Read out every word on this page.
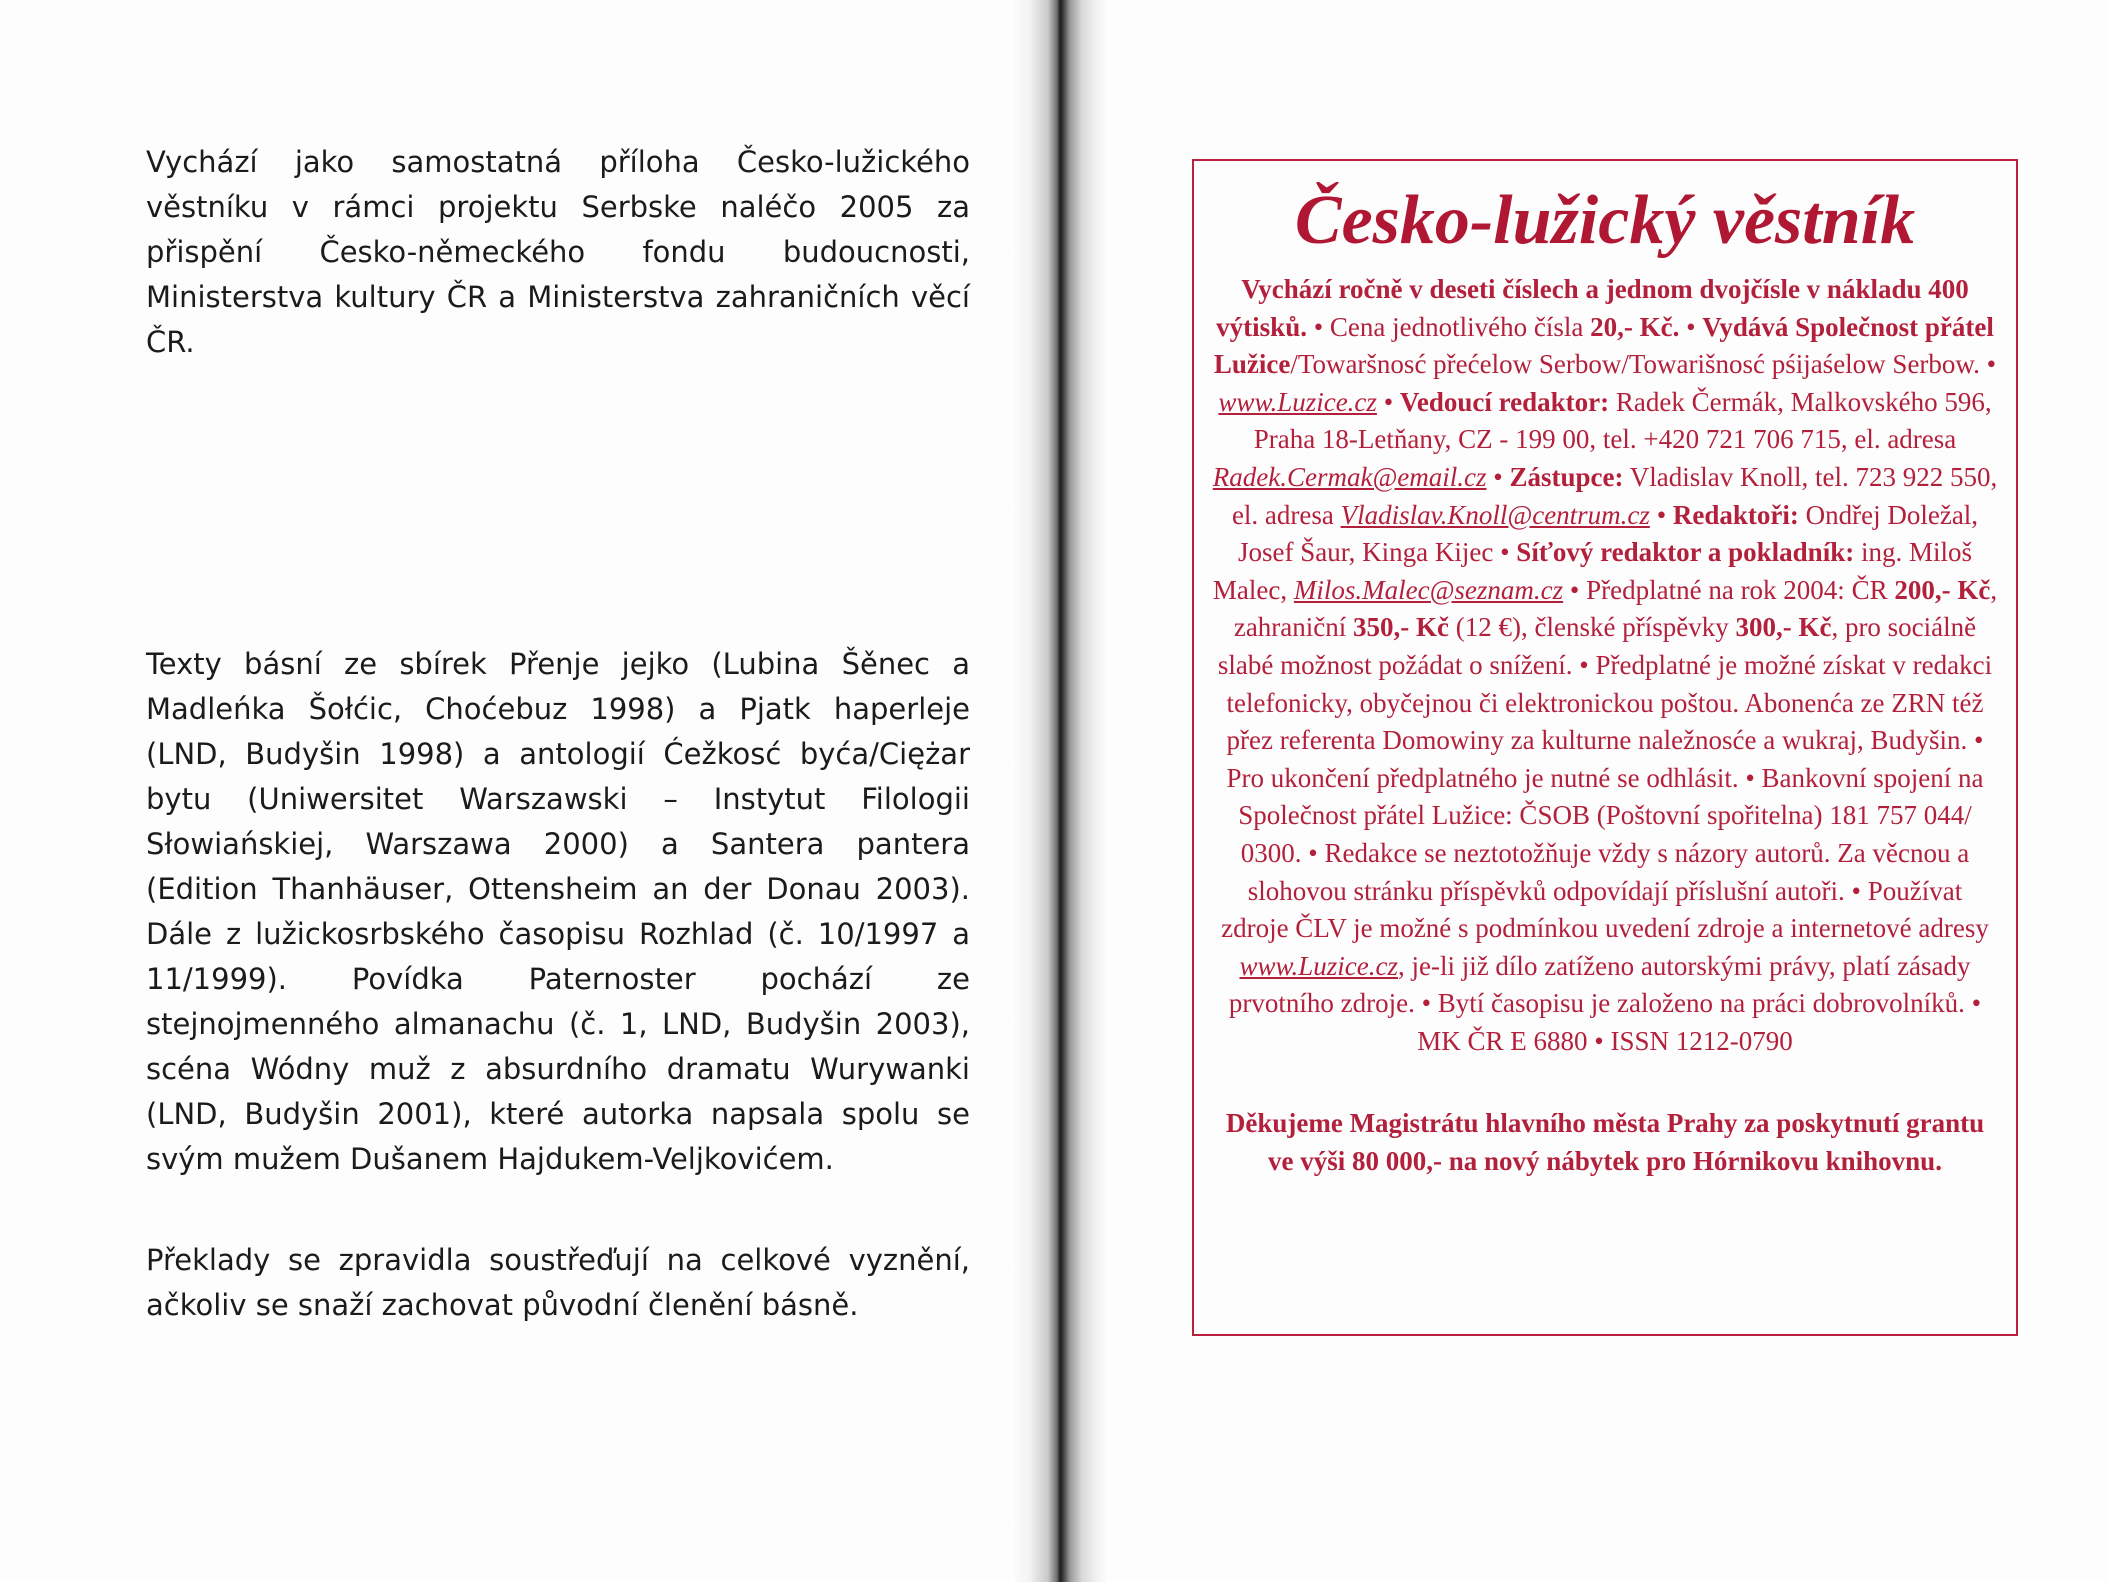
Vychází jako samostatná příloha Česko-lužického věstníku v rámci projektu Serbske naléčo 2005 za přispění Česko-německého fondu budoucnosti, Ministerstva kultury ČR a Ministerstva zahraničních věcí ČR.

Texty básní ze sbírek Přenje jejko (Lubina Šěnec a Madleńka Šołćic, Choćebuz 1998) a Pjatk haperleje (LND, Budyšin 1998) a antologií Ćežkosć byća/Ciężar bytu (Uniwersitet Warszawski – Instytut Filologii Słowiańskiej, Warszawa 2000) a Santera pantera (Edition Thanhäuser, Ottensheim an der Donau 2003). Dále z lužickosrbského časopisu Rozhlad (č. 10/1997 a 11/1999). Povídka Paternoster pochází ze stejnojmenného almanachu (č. 1, LND, Budyšin 2003), scéna Wódny muž z absurdního dramatu Wurywanki (LND, Budyšin 2001), které autorka napsala spolu se svým mužem Dušanem Hajdukem-Veljkovićem.

Překlady se zpravidla soustřeďují na celkové vyznění, ačkoliv se snaží zachovat původní členění básně.

Česko-lužický věstník
Vychází ročně v deseti číslech a jednom dvojčísle v nákladu 400 výtisků. • Cena jednotlivého čísla 20,- Kč. • Vydává Společnost přátel Lužice/Towaršnosć přećelow Serbow/Towarišnosć pśijaśelow Serbow. • www.Luzice.cz • Vedoucí redaktor: Radek Čermák, Malkovského 596, Praha 18-Letňany, CZ - 199 00, tel. +420 721 706 715, el. adresa Radek.Cermak@email.cz • Zástupce: Vladislav Knoll, tel. 723 922 550, el. adresa Vladislav.Knoll@centrum.cz • Redaktoři: Ondřej Doležal, Josef Šaur, Kinga Kijec • Síťový redaktor a pokladník: ing. Miloš Malec, Milos.Malec@seznam.cz • Předplatné na rok 2004: ČR 200,- Kč, zahraniční 350,- Kč (12 €), členské příspěvky 300,- Kč, pro sociálně slabé možnost požádat o snížení. • Předplatné je možné získat v redakci telefonicky, obyčejnou či elektronickou poštou. Abonenća ze ZRN též přez referenta Domowiny za kulturne naležnosće a wukraj, Budyšin. • Pro ukončení předplatného je nutné se odhlásit. • Bankovní spojení na Společnost přátel Lužice: ČSOB (Poštovní spořitelna) 181 757 044/ 0300. • Redakce se neztotožňuje vždy s názory autorů. Za věcnou a slohovou stránku příspěvků odpovídají příslušní autoři. • Používat zdroje ČLV je možné s podmínkou uvedení zdroje a internetové adresy www.Luzice.cz, je-li již dílo zatíženo autorskými právy, platí zásady prvotního zdroje. • Bytí časopisu je založeno na práci dobrovolníků. • MK ČR E 6880 • ISSN 1212-0790
Děkujeme Magistrátu hlavního města Prahy za poskytnutí grantu ve výši 80 000,- na nový nábytek pro Hórnikovu knihovnu.
